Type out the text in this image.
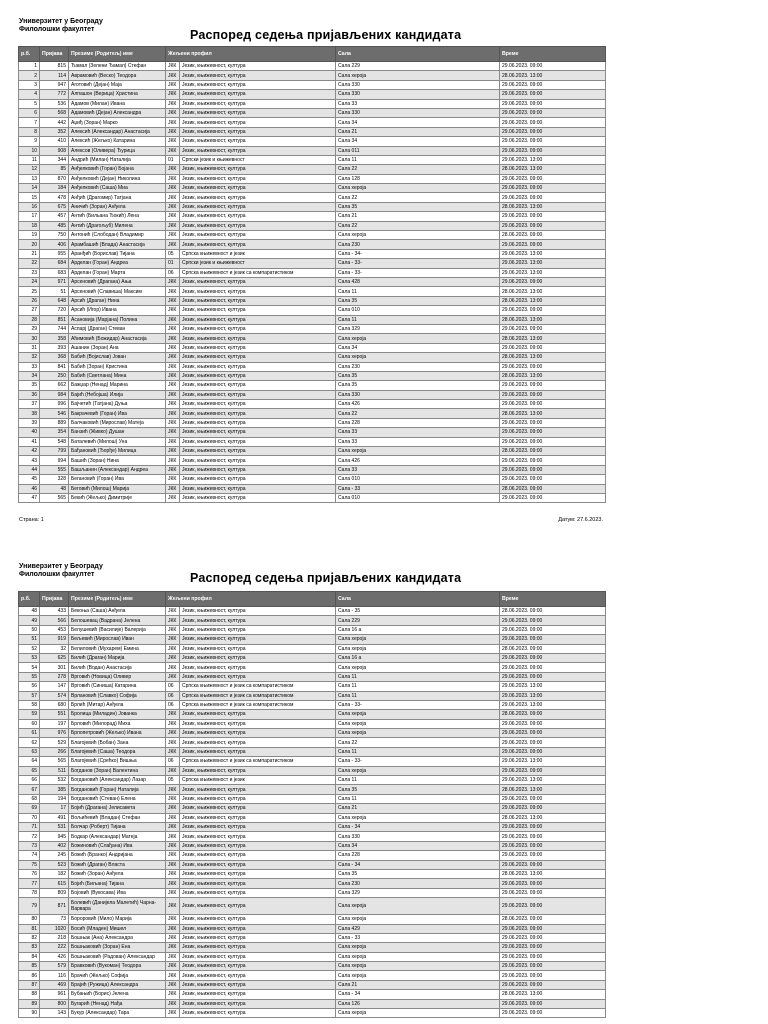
Универзитет у Београду
Филолошки факултет	Распоред седења пријављених кандидата
р.б.	Пријава	Презиме (Родитељ) име	Жељени профил		Сала	Време
1	815	Ђамал (Зелени Ђамал) Стефан	ЈКК	Језик, књижевност, култура	Сала 229	29.06.2023. 09:00
2	114	Аврамовић (Веско) Теодора	ЈКК	Језик, књижевност, култура	Сала хероја	28.06.2023. 13:00
3	947	Аготовић (Дејан) Маја	ЈКК	Језик, књижевност, култура	Сала 330	29.06.2023. 09:00
4	772	Алпашон (Верица) Христина	ЈКК	Језик, књижевност, култура	Сала 330	29.06.2023. 09:00
5	536	Адамов (Милан) Ивана	ЈКК	Језик, књижевност, култура	Сала 33	29.06.2023. 09:00
6	568	Адамовић (Дејан) Александра	ЈКК	Језик, књижевност, култура	Сала 330	29.06.2023. 09:00
7	442	Аџиђ (Зоран) Марко	ЈКК	Језик, књижевност, култура	Сала 34	29.06.2023. 09:00
8	352	Алексић (Александар) Анастасија	ЈКК	Језик, књижевност, култура	Сала 21	29.06.2023. 09:00
9	410	Алексић (Жељко) Катарина	ЈКК	Језик, књижевност, култура	Сала 34	29.06.2023. 09:00
10	908	Алексов (Оливера) Ђурица	ЈКК	Језик, књижевност, култура	Сала 011	29.06.2023. 09:00
11	344	Андрић (Милан) Наталија	01	Српски језик и књижевност	Сала 11	29.06.2023. 13:00
12	85	Анђелковић (Горан) Бојана	ЈКК	Језик, књижевност, култура	Сала 22	28.06.2023. 13:00
13	870	Анђелковић (Дејан) Николина	ЈКК	Језик, књижевност, култура	Сала 128	29.06.2023. 09:00
14	184	Анђелковић (Саша) Миа	ЈКК	Језик, књижевност, култура	Сала хероја	29.06.2023. 09:00
15	478	Анђић (Драгомир) Татјана	ЈКК	Језик, књижевност, култура	Сала 22	29.06.2023. 09:00
16	675	Аничић (Зоран) Анђела	ЈКК	Језик, књижевност, култура	Сала 35	28.06.2023. 13:00
17	457	Антић (Бильана Ђокић) Лена	ЈКК	Језик, књижевност, култура	Сала 21	29.06.2023. 09:00
18	485	Антић (Драгољуб) Милена	ЈКК	Језик, књижевност, култура	Сала 22	29.06.2023. 09:00
19	750	Антонић (Слободан) Владимир	ЈКК	Језик, књижевност, култура	Сала хероја	28.06.2023. 09:00
20	406	Арамбашић (Влада) Анастасија	ЈКК	Језик, књижевност, култура	Сала 230	29.06.2023. 09:00
21	955	Аранђић (Борислав) Тијана	05	Српска књижевност и језик	Сала - 34-	29.06.2023. 13:00
22	684	Арделан (Горан) Андреа	01	Српски језик и књижевност	Сала - 33-	29.06.2023. 13:00
23	683	Арделан (Горан) Марта	06	Српска књижевност и језик са компаратистиком	Сала - 33-	29.06.2023. 13:00
24	971	Арсеновић (Драгана) Ања	ЈКК	Језик, књижевност, култура	Сала 428	29.06.2023. 09:00
25	51	Арсеновић (Славиша) Максим	ЈКК	Језик, књижевност, култура	Сала 11	28.06.2023. 13:00
26	648	Арсић (Драган) Нина	ЈКК	Језик, књижевност, култура	Сала 35	28.06.2023. 13:00
27	720	Арсић (Игор) Ивана	ЈКК	Језик, књижевност, култура	Сала 010	29.06.2023. 09:00
28	851	Асановија (Марјана) Полина	ЈКК	Језик, књижевност, култура	Сала 11	28.06.2023. 13:00
29	744	Аспарј (Драган) Стеван	ЈКК	Језик, књижевност, култура	Сала 329	29.06.2023. 09:00
30	358	Аћимовић (Божидар) Анастасија	ЈКК	Језик, књижевност, култура	Сала хероја	28.06.2023. 13:00
31	393	Ашанин (Зоран) Ана	ЈКК	Језик, књижевност, култура	Сала 34	29.06.2023. 09:00
32	368	Бабић (Војислав) Јован	ЈКК	Језик, књижевност, култура	Сала хероја	28.06.2023. 13:00
33	841	Бабић (Зоран) Кристина	ЈКК	Језик, књижевност, култура	Сала 230	29.06.2023. 09:00
34	250	Бабић (Светлана) Мина	ЈКК	Језик, књижевност, култура	Сала 35	28.06.2023. 13:00
35	662	Бажџар (Ненад) Марина	ЈКК	Језик, књижевност, култура	Сала 35	29.06.2023. 09:00
36	984	Бајић (Небојша) Илија	ЈКК	Језик, књижевност, култура	Сала 330	29.06.2023. 09:00
37	996	Бајчетић (Татјана) Дуња	ЈКК	Језик, књижевност, култура	Сала 426	29.06.2023. 09:00
38	546	Бакрачевић (Горан) Ива	ЈКК	Језик, књижевност, култура	Сала 22	28.06.2023. 13:00
39	889	Балчаковић (Мирослав) Матеја	ЈКК	Језик, књижевност, култура	Сала 228	29.06.2023. 09:00
40	354	Банзић (Живко) Душан	ЈКК	Језик, књижевност, култура	Сала 33	29.06.2023. 09:00
41	548	Баталевић (Милош) Уна	ЈКК	Језик, књижевност, култура	Сала 33	29.06.2023. 09:00
42	799	Бађановић (Ђорђе) Милица	ЈКК	Језик, књижевност, култура	Сала хероја	28.06.2023. 09:00
43	994	Башић (Зоран) Нина	ЈКК	Језик, књижевност, култура	Сала 426	29.06.2023. 09:00
44	555	Башљанин (Александар) Андреа	ЈКК	Језик, књижевност, култура	Сала 33	29.06.2023. 09:00
45	328	Бегановић (Горан) Ива	ЈКК	Језик, књижевност, култура	Сала 010	29.06.2023. 09:00
46	48	Беговић (Милош) Марија	ЈКК	Језик, књижевност, култура	Сала - 33	28.06.2023. 09:00
47	565	Бекић (Жељко) Димитрије	ЈКК	Језик, књижевност, култура	Сала 010	29.06.2023. 09:00
Страна: 1	Датум: 27.6.2023.
Универзитет у Београду
Филолошки факултет	Распоред седења пријављених кандидата
р.б.	Пријава	Презиме (Родитељ) име	Жељени профил		Сала	Време
48	433	Бекоња (Саша) Анђела	ЈКК	Језик, књижевност, култура	Сала - 35	28.06.2023. 09:00
49	566	Белошевац (Вадрана) Јелена	ЈКК	Језик, књижевност, култура	Сала 229	29.06.2023. 09:00
50	453	Белушевић (Василије) Валерија	ЈКК	Језик, књижевност, култура	Сала 16 а	29.06.2023. 09:00
51	919	Бељевић (Мирослав) Иван	ЈКК	Језик, књижевност, култура	Сала хероја	29.06.2023. 09:00
52	32	Белиловић (Мухарем) Емина	ЈКК	Језик, књижевност, култура	Сала хероја	28.06.2023. 09:00
53	625	Билић (Драган) Марија	ЈКК	Језик, књижевност, култура	Сала 16 а	29.06.2023. 09:00
54	301	Билић (Водан) Анастасија	ЈКК	Језик, књижевност, култура	Сала хероја	29.06.2023. 09:00
55	278	Врговић (Новица) Оливер	ЈКК	Језик, књижевност, култура	Сала 11	29.06.2023. 09:00
56	147	Врговић (Синиша) Катарина	06	Српска књижевност и језик са компаратистиком	Сала 11	29.06.2023. 13:00
57	574	Врлановић (Славко) Софија	06	Српска књижевност и језик са компаратистиком	Сала 11	29.06.2023. 13:00
58	680	Брлић (Митар) Анђела	06	Српска књижевност и језик са компаратистиком	Сала - 33-	29.06.2023. 13:00
59	551	Бролица (Миладин) Јованка	ЈКК	Језик, књижевност, култура	Сала хероја	28.06.2023. 09:00
60	197	Брловић (Милорад) Миха	ЈКК	Језик, књижевност, култура	Сала хероја	29.06.2023. 09:00
61	976	Брлопетровић (Жељко) Ивана	ЈКК	Језик, књижевност, култура	Сала хероја	29.06.2023. 09:00
62	529	Благојевић (Бобан) Зана	ЈКК	Језик, књижевност, култура	Сала 22	29.06.2023. 09:00
63	266	Благојевић (Саша) Теодора	ЈКК	Језик, књижевност, култура	Сала 11	29.06.2023. 09:00
64	565	Благојевић (Срећко) Вишња	06	Српска књижевност и језик са компаратистиком	Сала - 33-	29.06.2023. 13:00
65	511	Богданов (Зоран) Валентина	ЈКК	Језик, књижевност, култура	Сала хероја	29.06.2023. 09:00
66	532	Богдановић (Александар) Лазар	05	Српска књижевност и језик	Сала 11	29.06.2023. 13:00
67	385	Богдановић (Горан) Наталија	ЈКК	Језик, књижевност, култура	Сала 35	28.06.2023. 13:00
68	194	Богдановић (Стеван) Елена	ЈКК	Језик, књижевност, култура	Сала 11	29.06.2023. 09:00
69	17	Бојић (Драгана) Јелисавета	ЈКК	Језик, књижевност, култура	Сала 21	29.06.2023. 09:00
70	491	Вољићевић (Владан) Стефан	ЈКК	Језик, књижевност, култура	Сала хероја	28.06.2023. 13:00
71	531	Болчар (Роберт) Тијана	ЈКК	Језик, књижевност, култура	Сала - 34	29.06.2023. 09:00
72	945	Бодкар (Александар) Матеја	ЈКК	Језик, књижевност, култура	Сала 330	29.06.2023. 09:00
73	402	Божиновић (Слађана) Ива	ЈКК	Језик, књижевност, култура	Сала 34	29.06.2023. 09:00
74	245	Божић (Бранко) Андријана	ЈКК	Језик, књижевност, култура	Сала 228	29.06.2023. 09:00
75	523	Божић (Драган) Власта	ЈКК	Језик, књижевност, култура	Сала - 34	29.06.2023. 09:00
76	182	Божић (Зоран) Анђела	ЈКК	Језик, књижевност, култура	Сала 35	28.06.2023. 13:00
77	615	Бојић (Биљана) Тијана	ЈКК	Језик, књижевност, култура	Сала 230	29.06.2023. 09:00
78	809	Бојовић (Вукосава) Ива	ЈКК	Језик, књижевност, култура	Сала 329	29.06.2023. 09:00
79	871	Болевић (Данијела Малетић) Чарна-Варвара	ЈКК	Језик, књижевност, култура	Сала хероја	29.06.2023. 09:00
80	73	Бороровић (Мило) Марија	ЈКК	Језик, књижевност, култура	Сала хероја	28.06.2023. 09:00
81	1020	Босић (Младен) Мишел	ЈКК	Језик, књижевност, култура	Сала 429	29.06.2023. 09:00
82	218	Бошњак (Ана) Александра	ЈКК	Језик, књижевност, култура	Сала - 33	29.06.2023. 09:00
83	222	Бошњаковић (Зоран) Ена	ЈКК	Језик, књижевност, култура	Сала хероја	29.06.2023. 09:00
84	426	Бошњаковић (Радован) Александар	ЈКК	Језик, књижевност, култура	Сала хероја	29.06.2023. 09:00
85	579	Бравковић (Вукоман) Теодора	ЈКК	Језик, књижевност, култура	Сала хероја	29.06.2023. 09:00
86	116	Брачић (Жељко) Софија	ЈКК	Језик, књижевност, култура	Сала хероја	29.06.2023. 09:00
87	469	Брајић (Ружица) Александра	ЈКК	Језик, књижевност, култура	Сала 21	29.06.2023. 09:00
88	961	Бубањић (Борис) Јелена	ЈКК	Језик, књижевност, култура	Сала - 34	28.06.2023. 13:00
89	800	Бугарић (Ненад) Нађа	ЈКК	Језик, књижевност, култура	Сала 126	29.06.2023. 09:00
90	143	Букур (Александар) Тара	ЈКК	Језик, књижевност, култура	Сала хероја	29.06.2023. 09:00
